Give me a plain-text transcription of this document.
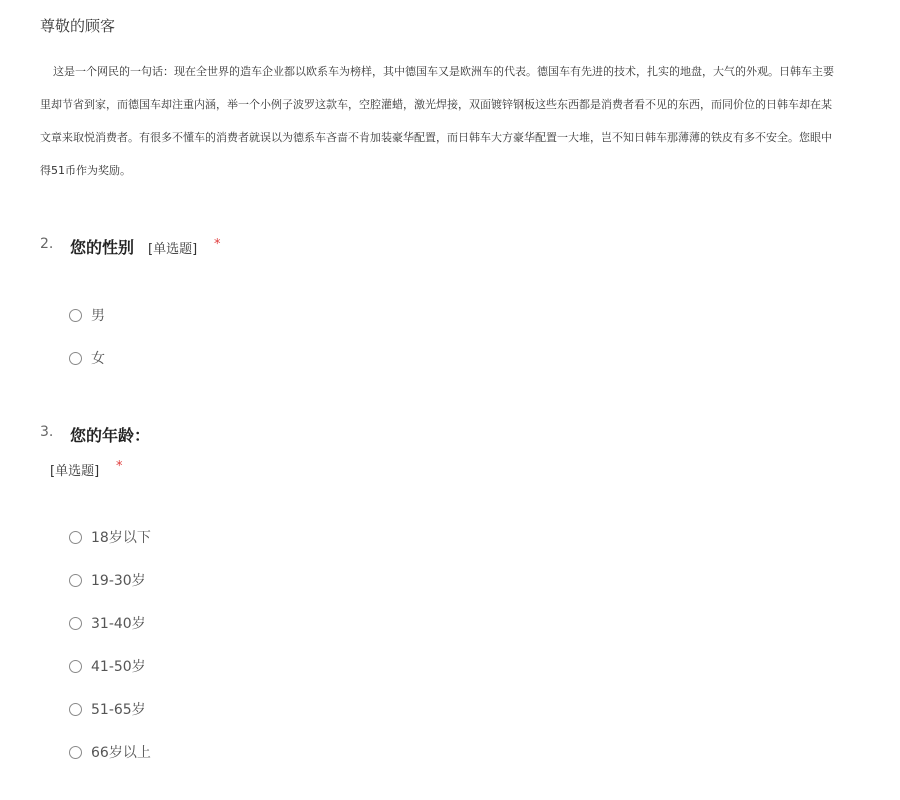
尊敬的顾客
这是一个网民的一句话：现在全世界的造车企业都以欧系车为榜样，其中德国车又是欧洲车的代表。德国车有先进的技术，扎实的地盘，大气的外观。日韩车主要
里却节省到家，而德国车却注重内涵，举一个小例子波罗这款车，空腔灌蜡，激光焊接，双面镀锌钢板这些东西都是消费者看不见的东西，而同价位的日韩车却在某
文章来取悦消费者。有很多不懂车的消费者就误以为德系车吝啬不肯加装豪华配置，而日韩车大方豪华配置一大堆，岂不知日韩车那薄薄的铁皮有多不安全。您眼中
得51币作为奖励。
2. 您的性别 [单选题] *
男
女
3. 您的年龄：
[单选题] *
18岁以下
19-30岁
31-40岁
41-50岁
51-65岁
66岁以上
